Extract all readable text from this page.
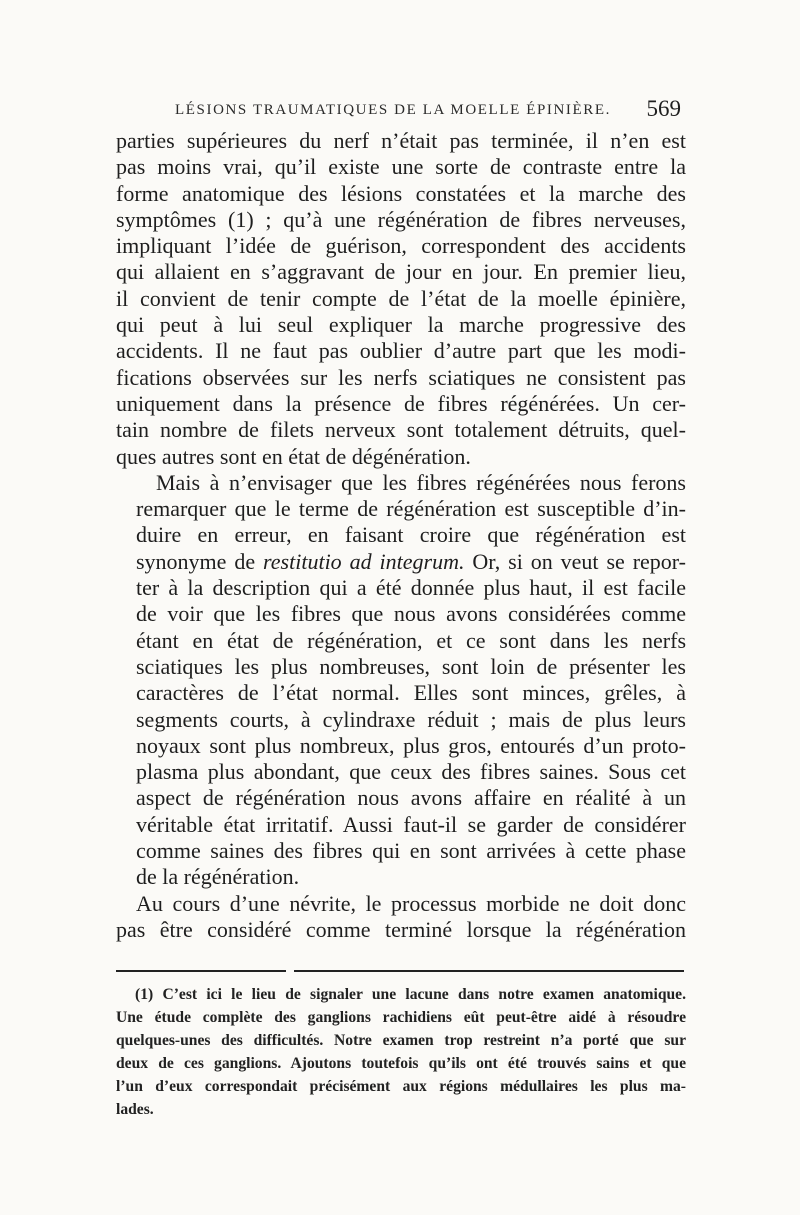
LÉSIONS TRAUMATIQUES DE LA MOELLE ÉPINIÈRE. 569

parties supérieures du nerf n’était pas terminée, il n’en est
pas moins vrai, qu’il existe une sorte de contraste entre la
forme anatomique des lésions constatées et la marche des
symptômes (1) ; qu’à une régénération de fibres nerveuses,
impliquant l’idée de guérison, correspondent des accidents
qui allaient en s’aggravant de jour en jour. En premier lieu,
il convient de tenir compte de l’état de la moelle épinière,
qui peut à lui seul expliquer la marche progressive des
accidents. Il ne faut pas oublier d’autre part que les modi-
fications observées sur les nerfs sciatiques ne consistent pas
uniquement dans la présence de fibres régénérées. Un cer-
tain nombre de filets nerveux sont totalement détruits, quel-
ques autres sont en état de dégénération.

Mais à n’envisager que les fibres régénérées nous ferons
remarquer que le terme de régénération est susceptible d’in-
duire en erreur, en faisant croire que régénération est
synonyme de restitutio ad integrum. Or, si on veut se repor-
ter à la description qui a été donnée plus haut, il est facile
de voir que les fibres que nous avons considérées comme
étant en état de régénération, et ce sont dans les nerfs
sciatiques les plus nombreuses, sont loin de présenter les
caractères de l’état normal. Elles sont minces, grêles, à
segments courts, à cylindraxe réduit ; mais de plus leurs
noyaux sont plus nombreux, plus gros, entourés d’un proto-
plasma plus abondant, que ceux des fibres saines. Sous cet
aspect de régénération nous avons affaire en réalité à un
véritable état irritatif. Aussi faut-il se garder de considérer
comme saines des fibres qui en sont arrivées à cette phase
de la régénération.

Au cours d’une névrite, le processus morbide ne doit donc
pas être considéré comme terminé lorsque la régénération

(1) C’est ici le lieu de signaler une lacune dans notre examen anatomique.
Une étude complète des ganglions rachidiens eût peut-être aidé à résoudre
quelques-unes des difficultés. Notre examen trop restreint n’a porté que sur
deux de ces ganglions. Ajoutons toutefois qu’ils ont été trouvés sains et que
l’un d’eux correspondait précisément aux régions médullaires les plus ma-
lades.
